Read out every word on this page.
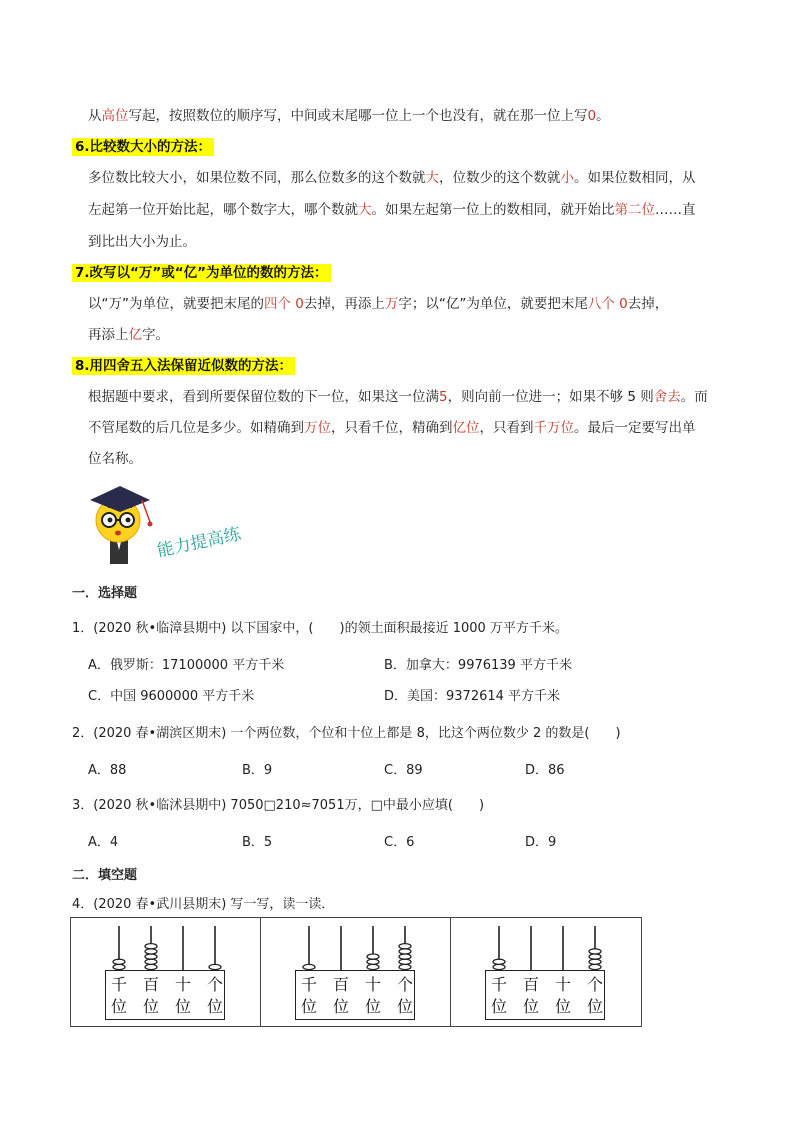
从高位写起，按照数位的顺序写，中间或末尾哪一位上一个也没有，就在那一位上写0。
6.比较数大小的方法：
多位数比较大小，如果位数不同，那么位数多的这个数就大，位数少的这个数就小。如果位数相同，从
左起第一位开始比起，哪个数字大，哪个数就大。如果左起第一位上的数相同，就开始比第二位……直
到比出大小为止。
7.改写以“万”或“亿”为单位的数的方法：
以“万”为单位，就要把末尾的四个 0去掉，再添上万字；以“亿”为单位，就要把末尾八个 0去掉，
再添上亿字。
8.用四舍五入法保留近似数的方法：
根据题中要求，看到所要保留位数的下一位，如果这一位满5，则向前一位进一；如果不够 5 则舍去。而
不管尾数的后几位是多少。如精确到万位，只看千位，精确到亿位，只看到千万位。最后一定要写出单
位名称。
能力提高练
一．选择题
1．(2020 秋•临漳县期中) 以下国家中，(　　)的领土面积最接近 1000 万平方千米。
A．俄罗斯：17100000 平方千米	B．加拿大：9976139 平方千米
C．中国 9600000 平方千米	D．美国：9372614 平方千米
2．(2020 春•湖滨区期末) 一个两位数，个位和十位上都是 8，比这个两位数少 2 的数是(　　)
A．88	B．9	C．89	D．86
3．(2020 秋•临沭县期中) 7050□210≈7051万，□中最小应填(　　)
A．4	B．5	C．6	D．9
二．填空题
4．(2020 春•武川县期末) 写一写，读一读．
千 百 十 个
位 位 位 位
千 百 十 个
位 位 位 位
千 百 十 个
位 位 位 位
